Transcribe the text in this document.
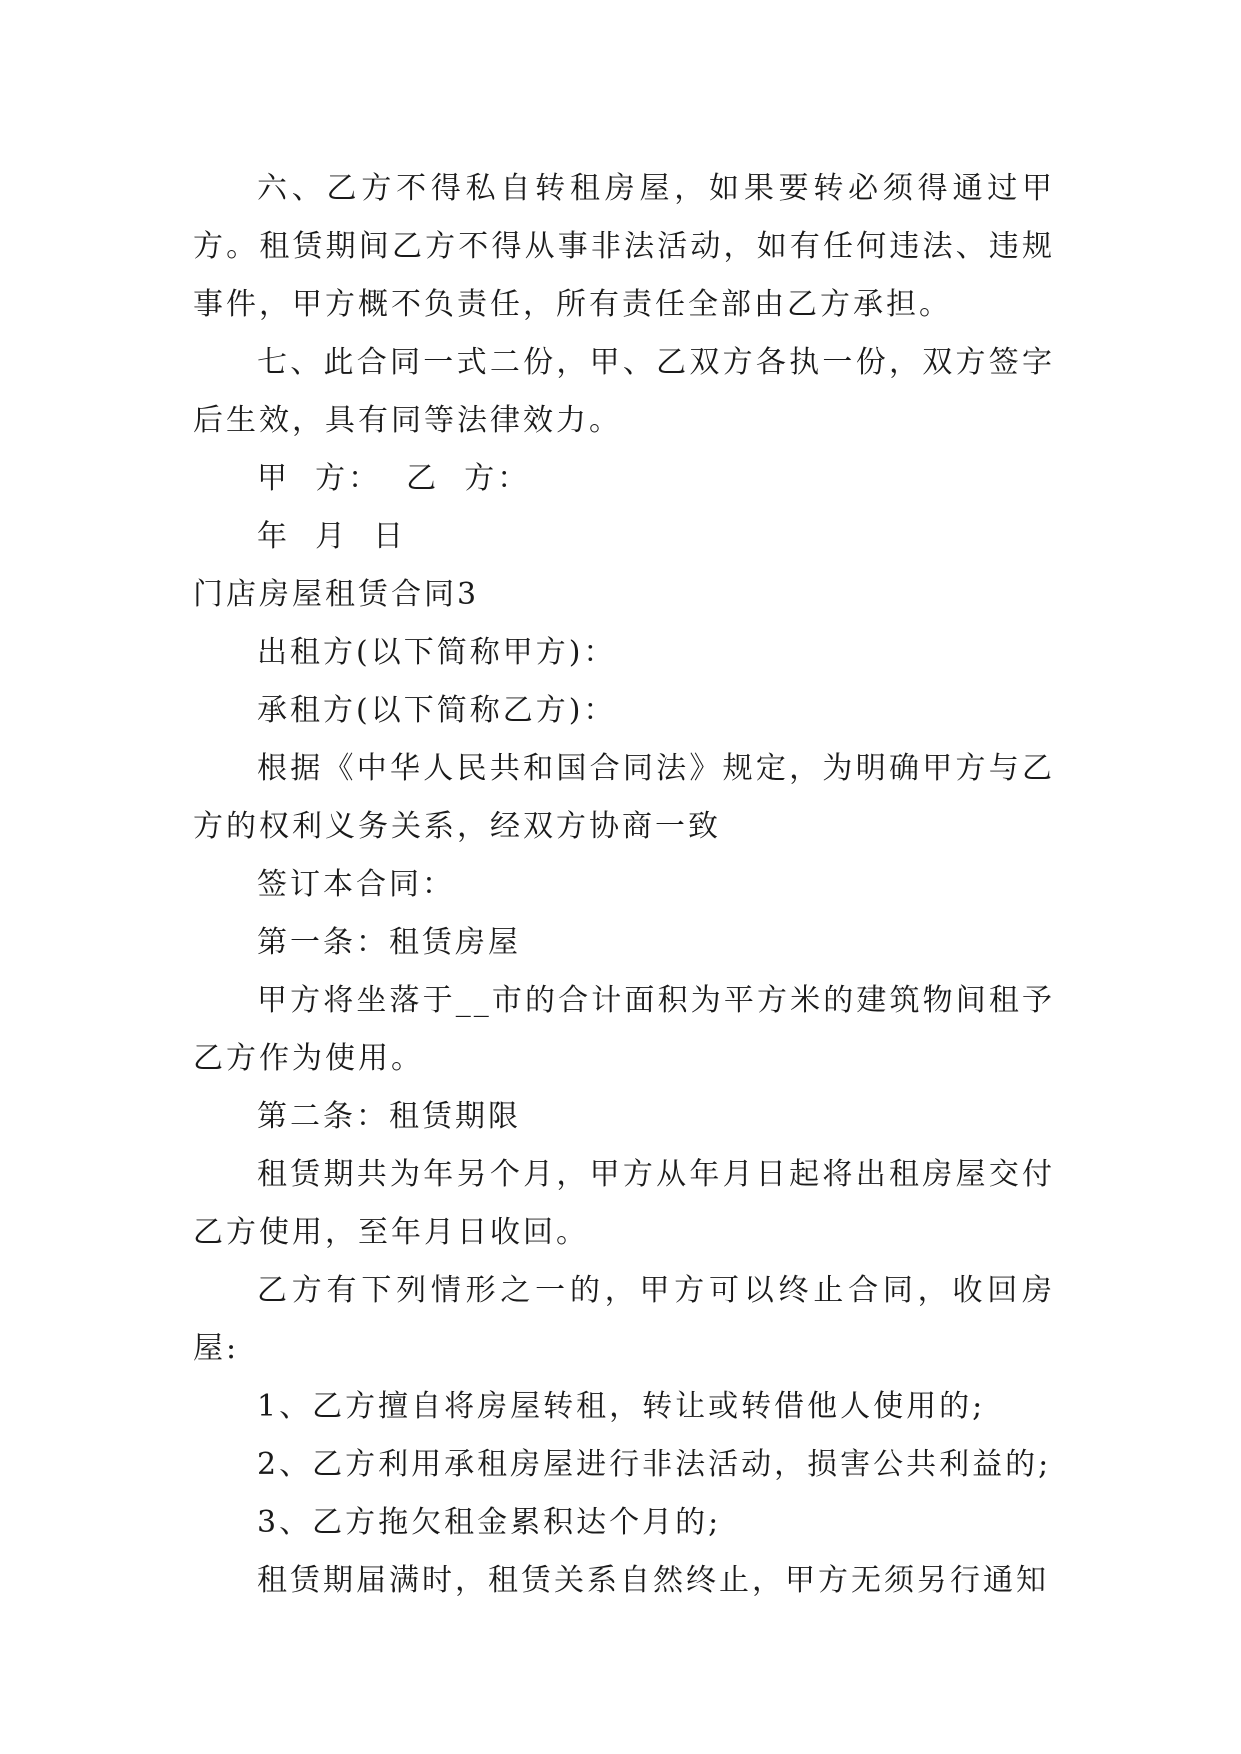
六、乙方不得私自转租房屋，如果要转必须得通过甲方。租赁期间乙方不得从事非法活动，如有任何违法、违规事件，甲方概不负责任，所有责任全部由乙方承担。

七、此合同一式二份，甲、乙双方各执一份，双方签字后生效，具有同等法律效力。

甲  方：  乙  方：

年  月  日

门店房屋租赁合同3

出租方(以下简称甲方)：

承租方(以下简称乙方)：

根据《中华人民共和国合同法》规定，为明确甲方与乙方的权利义务关系，经双方协商一致

签订本合同：

第一条：租赁房屋

甲方将坐落于__市的合计面积为平方米的建筑物间租予乙方作为使用。

第二条：租赁期限

租赁期共为年另个月，甲方从年月日起将出租房屋交付乙方使用，至年月日收回。

乙方有下列情形之一的，甲方可以终止合同，收回房屋:

1、乙方擅自将房屋转租，转让或转借他人使用的;

2、乙方利用承租房屋进行非法活动，损害公共利益的;

3、乙方拖欠租金累积达个月的;

租赁期届满时，租赁关系自然终止，甲方无须另行通知
